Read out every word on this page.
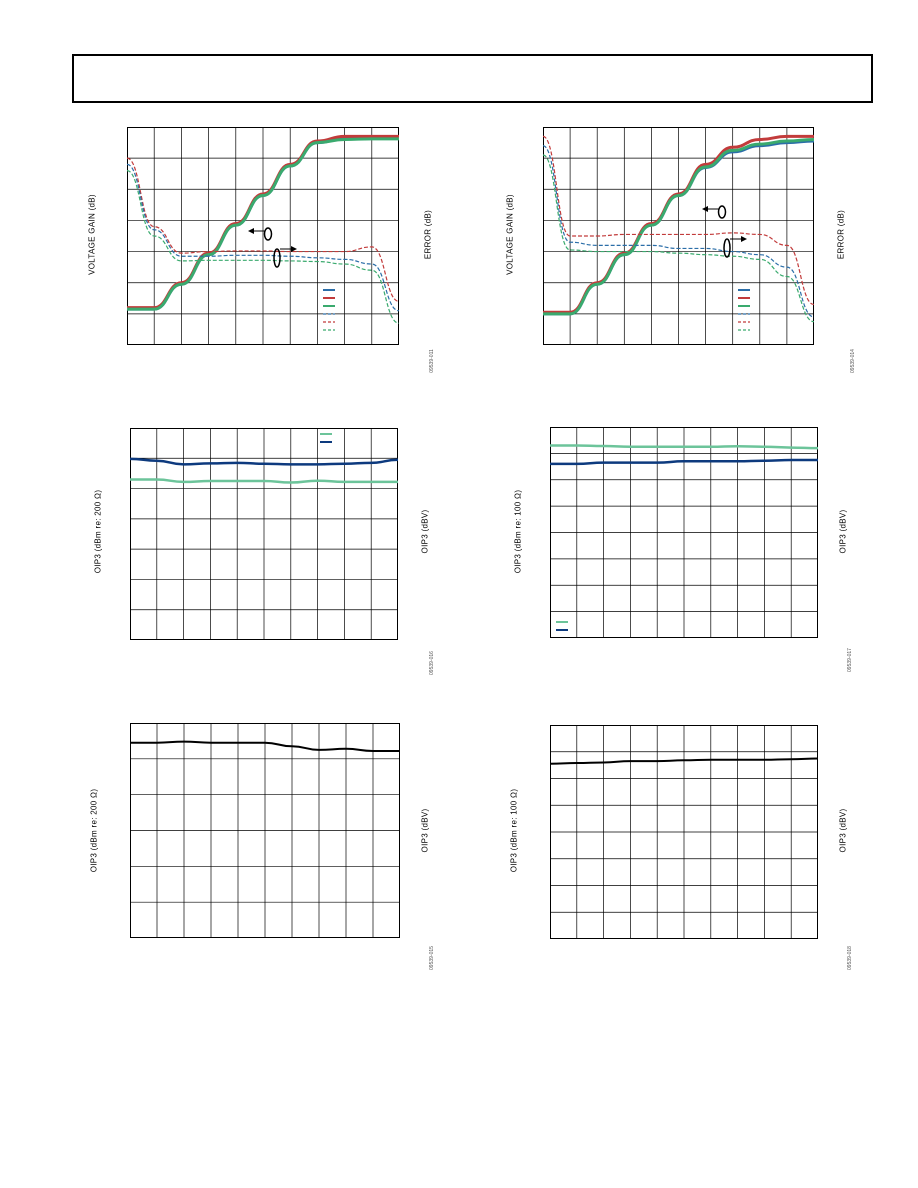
VOLTAGE GAIN (dB)	ERROR (dB)
09539-011
VOLTAGE GAIN (dB)	ERROR (dB)
09539-014
OIP3 (dBm re: 200 Ω)	OIP3 (dBV)
09539-016
OIP3 (dBm re: 100 Ω)	OIP3 (dBV)
09539-017
OIP3 (dBm re: 200 Ω)	OIP3 (dBV)
09539-015
OIP3 (dBm re: 100 Ω)	OIP3 (dBV)
09539-018
